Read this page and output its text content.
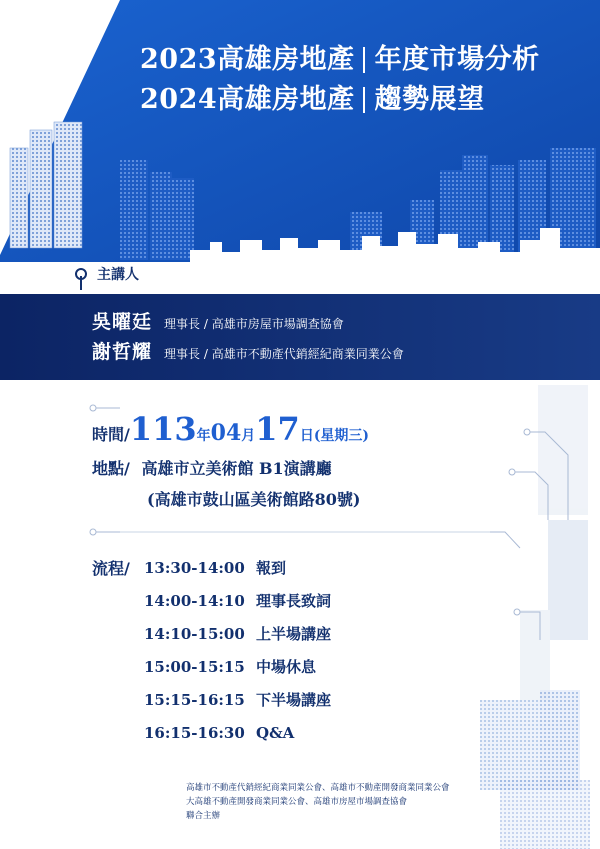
2023高雄房地產 年度市場分析
2024高雄房地產 趨勢展望
主講人
吳曜廷 理事長 / 高雄市房屋市場調查協會
謝哲耀 理事長 / 高雄市不動產代銷經紀商業同業公會
時間/ 113 年 04 月 17 日 (星期三)
地點/ 高雄市立美術館 B1演講廳
(高雄市鼓山區美術館路80號)
流程/ 13:30-14:00 報到
14:00-14:10 理事長致詞
14:10-15:00 上半場講座
15:00-15:15 中場休息
15:15-16:15 下半場講座
16:15-16:30 Q&A
高雄市不動產代銷經紀商業同業公會、高雄市不動產開發商業同業公會
大高雄不動產開發商業同業公會、高雄市房屋市場調查協會
聯合主辦
